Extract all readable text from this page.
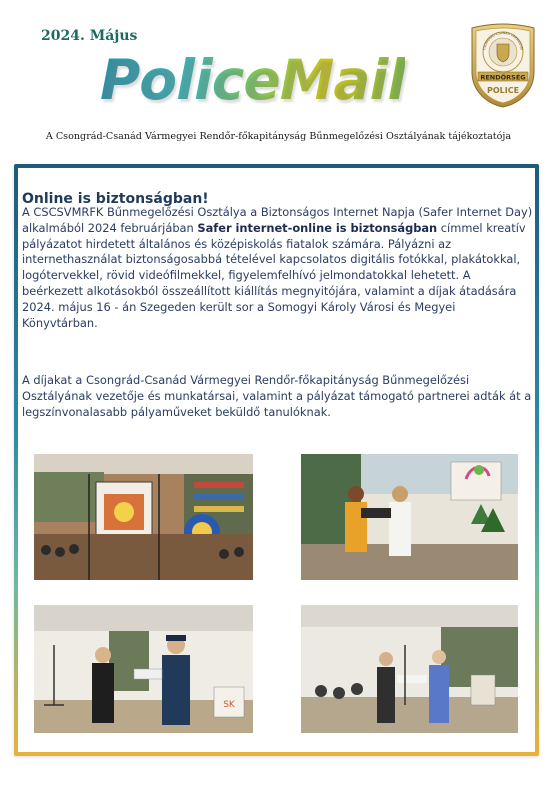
2024. Május
PoliceMail	RENDŐRSÉG
POLICE
CSONGRÁD-CSANÁD VÁRMEGYEI
A Csongrád-Csanád Vármegyei Rendőr-főkapitányság Bűnmegelőzési Osztályának tájékoztatója
Online is biztonságban!
A CSCSVMRFK Bűnmegelőzési Osztálya a Biztonságos Internet Napja (Safer Internet Day) alkalmából 2024 februárjában Safer internet-online is biztonságban címmel kreatív pályázatot hirdetett általános és középiskolás fiatalok számára. Pályázni az internethasználat biztonságosabbá tételével kapcsolatos digitális fotókkal, plakátokkal, logótervekkel, rövid videófilmekkel, figyelemfelhívó jelmondatokkal lehetett. A beérkezett alkotásokból összeállított kiállítás megnyitójára, valamint a díjak átadására 2024. május 16 - án Szegeden került sor a Somogyi Károly Városi és Megyei Könyvtárban.
A díjakat a Csongrád-Csanád Vármegyei Rendőr-főkapitányság Bűnmegelőzési Osztályának vezetője és munkatársai, valamint a pályázat támogató partnerei adták át a legszínvonalasabb pályaműveket beküldő tanulóknak.
SK
